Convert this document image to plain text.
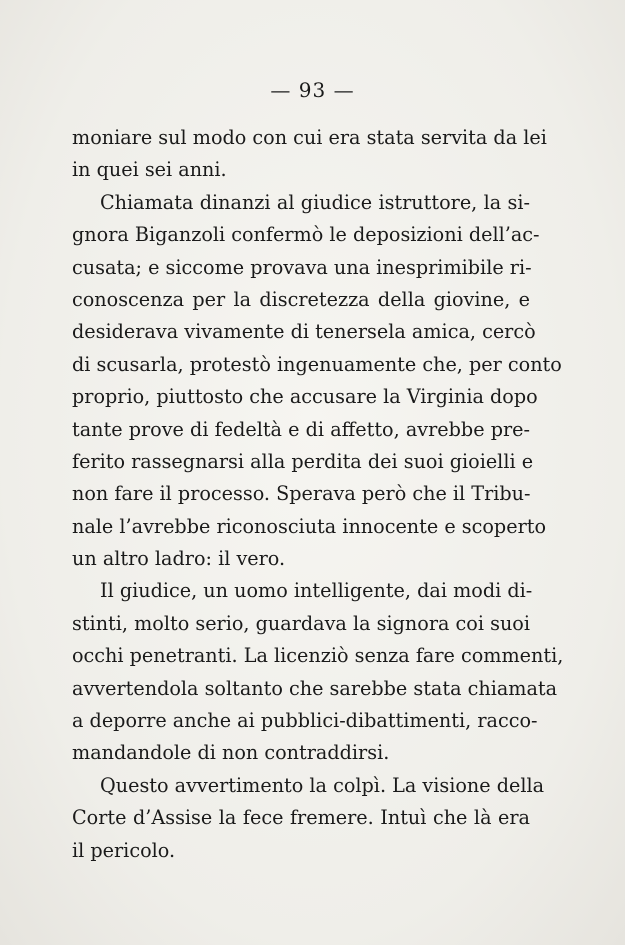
— 93 —
moniare sul modo con cui era stata servita da lei
in quei sei anni.
Chiamata dinanzi al giudice istruttore, la si-
gnora Biganzoli confermò le deposizioni dell’ac-
cusata; e siccome provava una inesprimibile ri-
conoscenza per la discretezza della giovine, e
desiderava vivamente di tenersela amica, cercò
di scusarla, protestò ingenuamente che, per conto
proprio, piuttosto che accusare la Virginia dopo
tante prove di fedeltà e di affetto, avrebbe pre-
ferito rassegnarsi alla perdita dei suoi gioielli e
non fare il processo. Sperava però che il Tribu-
nale l’avrebbe riconosciuta innocente e scoperto
un altro ladro: il vero.
Il giudice, un uomo intelligente, dai modi di-
stinti, molto serio, guardava la signora coi suoi
occhi penetranti. La licenziò senza fare commenti,
avvertendola soltanto che sarebbe stata chiamata
a deporre anche ai pubblici-dibattimenti, racco-
mandandole di non contraddirsi.
Questo avvertimento la colpì. La visione della
Corte d’Assise la fece fremere. Intuì che là era
il pericolo.
